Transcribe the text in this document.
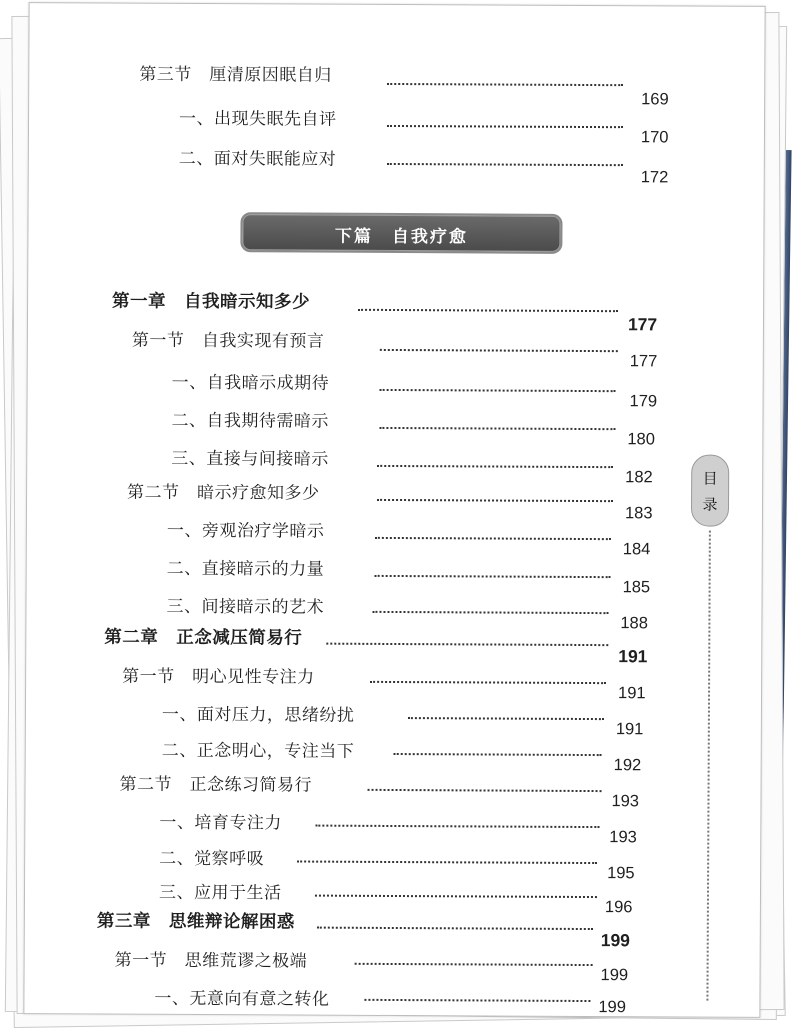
第三节　厘清原因眠自归
169
一、出现失眠先自评
170
二、面对失眠能应对
172
下篇　自我疗愈
第一章　自我暗示知多少
177
第一节　自我实现有预言
177
一、自我暗示成期待
179
二、自我期待需暗示
180
三、直接与间接暗示
182
第二节　暗示疗愈知多少
183
一、旁观治疗学暗示
184
二、直接暗示的力量
185
三、间接暗示的艺术
188
第二章　正念减压简易行
191
第一节　明心见性专注力
191
一、面对压力，思绪纷扰
191
二、正念明心，专注当下
192
第二节　正念练习简易行
193
一、培育专注力
193
二、觉察呼吸
195
三、应用于生活
196
第三章　思维辩论解困惑
199
第一节　思维荒谬之极端
199
一、无意向有意之转化	199
目
录
